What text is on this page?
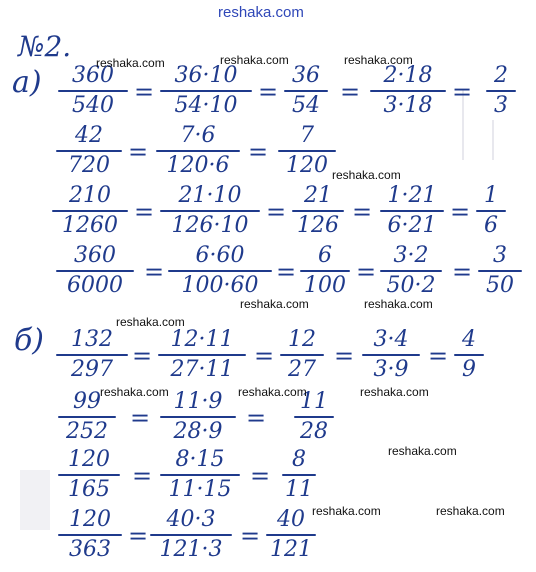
reshaka.com
№2.
а)
б)
360
540 =
36·10
54·10 =
36
54 =
2·18
3·18 =
2
3
42
720 =
7·6
120·6 =
7
120
210
1260 =
21·10
126·10 =
21
126 =
1·21
6·21 =
1
6
360
6000 =
6·60
100·60 =
6
100 =
3·2
50·2 =
3
50
132
297 =
12·11
27·11 =
12
27 =
3·4
3·9 =
4
9
99
252 =
11·9
28·9 =
11
28
120
165 =
8·15
11·15 =
8
11
120
363 =
40·3
121·3 =
40
121
reshaka.com	reshaka.com	reshaka.com
reshaka.com
reshaka.com	reshaka.com
reshaka.com
reshaka.com	reshaka.com	reshaka.com
reshaka.com
reshaka.com	reshaka.com
